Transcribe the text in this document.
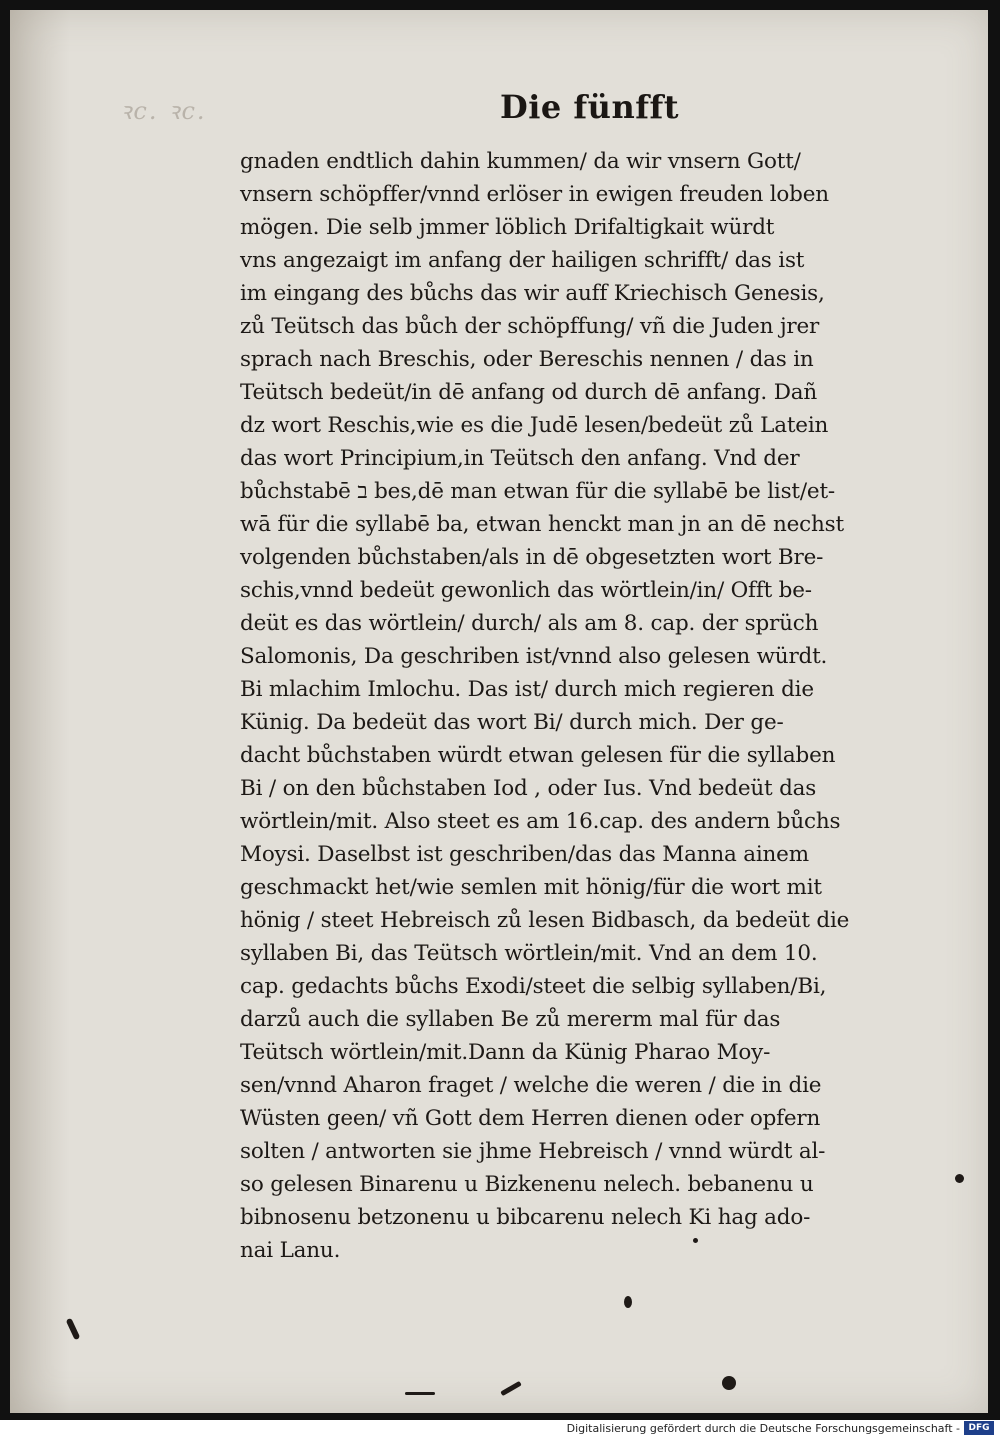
ꝛc. ꝛc.	Die fünfft
gnaden endtlich dahin kummen/ da wir vnsern Gott/
vnsern schöpffer/vnnd erlöser in ewigen freuden loben
mögen. Die selb jmmer löblich Drifaltigkait würdt
vns angezaigt im anfang der hailigen schrifft/ das ist
im eingang des bůchs das wir auff Kriechisch Genesis,
zů Teütsch das bůch der schöpffung/ vñ die Juden jrer
sprach nach Breschis, oder Bereschis nennen / das in
Teütsch bedeüt/in dē anfang od durch dē anfang. Dañ
dz wort Reschis,wie es die Judē lesen/bedeüt zů Latein
das wort Principium,in Teütsch den anfang. Vnd der
bůchstabē ב bes,dē man etwan für die syllabē be list/et-
wā für die syllabē ba, etwan henckt man jn an dē nechst
volgenden bůchstaben/als in dē obgesetzten wort Bre-
schis,vnnd bedeüt gewonlich das wörtlein/in/ Offt be-
deüt es das wörtlein/ durch/ als am 8. cap. der sprüch
Salomonis, Da geschriben ist/vnnd also gelesen würdt.
Bi mlachim Imlochu. Das ist/ durch mich regieren die
Künig. Da bedeüt das wort Bi/ durch mich. Der ge-
dacht bůchstaben würdt etwan gelesen für die syllaben
Bi / on den bůchstaben Iod , oder Ius. Vnd bedeüt das
wörtlein/mit. Also steet es am 16.cap. des andern bůchs
Moysi. Daselbst ist geschriben/das das Manna ainem
geschmackt het/wie semlen mit hönig/für die wort mit
hönig / steet Hebreisch zů lesen Bidbasch, da bedeüt die
syllaben Bi, das Teütsch wörtlein/mit. Vnd an dem 10.
cap. gedachts bůchs Exodi/steet die selbig syllaben/Bi,
darzů auch die syllaben Be zů mererm mal für das
Teütsch wörtlein/mit.Dann da Künig Pharao Moy-
sen/vnnd Aharon fraget / welche die weren / die in die
Wüsten geen/ vñ Gott dem Herren dienen oder opfern
solten / antworten sie jhme Hebreisch / vnnd würdt al-
so gelesen Binarenu u Bizkenenu nelech. bebanenu u
bibnosenu betzonenu u bibcarenu nelech Ki hag ado-
nai Lanu.
Digitalisierung gefördert durch die Deutsche Forschungsgemeinschaft - DFG
